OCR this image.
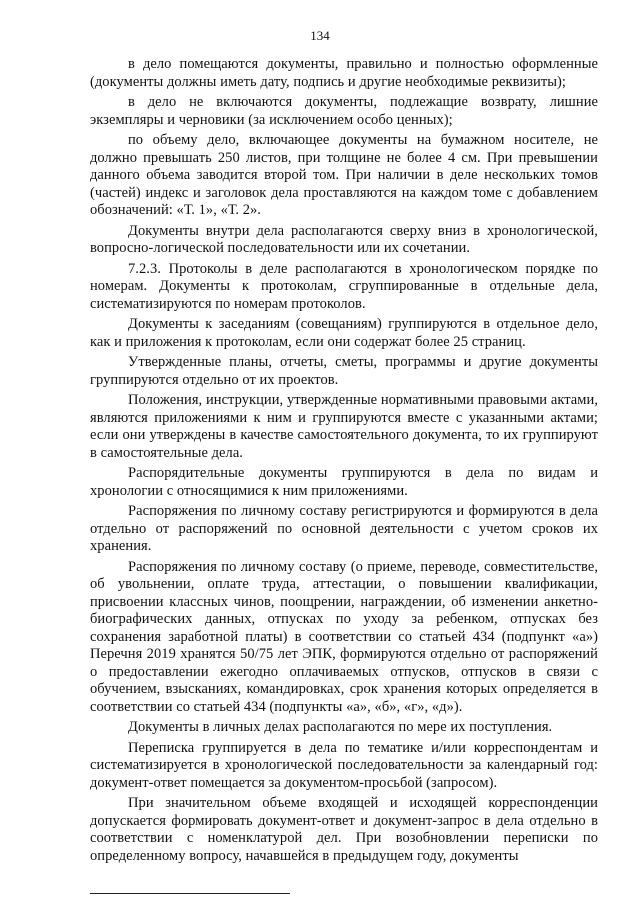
134

в дело помещаются документы, правильно и полностью оформленные (документы должны иметь дату, подпись и другие необходимые реквизиты);

в дело не включаются документы, подлежащие возврату, лишние экземпляры и черновики (за исключением особо ценных);

по объему дело, включающее документы на бумажном носителе, не должно превышать 250 листов, при толщине не более 4 см. При превышении данного объема заводится второй том. При наличии в деле нескольких томов (частей) индекс и заголовок дела проставляются на каждом томе с добавлением обозначений: «Т. 1», «Т. 2».

Документы внутри дела располагаются сверху вниз в хронологической, вопросно-логической последовательности или их сочетании.

7.2.3. Протоколы в деле располагаются в хронологическом порядке по номерам. Документы к протоколам, сгруппированные в отдельные дела, систематизируются по номерам протоколов.

Документы к заседаниям (совещаниям) группируются в отдельное дело, как и приложения к протоколам, если они содержат более 25 страниц.

Утвержденные планы, отчеты, сметы, программы и другие документы группируются отдельно от их проектов.

Положения, инструкции, утвержденные нормативными правовыми актами, являются приложениями к ним и группируются вместе с указанными актами; если они утверждены в качестве самостоятельного документа, то их группируют в самостоятельные дела.

Распорядительные документы группируются в дела по видам и хронологии с относящимися к ним приложениями.

Распоряжения по личному составу регистрируются и формируются в дела отдельно от распоряжений по основной деятельности с учетом сроков их хранения.

Распоряжения по личному составу (о приеме, переводе, совместительстве, об увольнении, оплате труда, аттестации, о повышении квалификации, присвоении классных чинов, поощрении, награждении, об изменении анкетно-биографических данных, отпусках по уходу за ребенком, отпусках без сохранения заработной платы) в соответствии со статьей 434 (подпункт «а») Перечня 2019 хранятся 50/75 лет ЭПК, формируются отдельно от распоряжений о предоставлении ежегодно оплачиваемых отпусков, отпусков в связи с обучением, взысканиях, командировках, срок хранения которых определяется в соответствии со статьей 434 (подпункты «а», «б», «г», «д»).

Документы в личных делах располагаются по мере их поступления.

Переписка группируется в дела по тематике и/или корреспондентам и систематизируется в хронологической последовательности за календарный год: документ-ответ помещается за документом-просьбой (запросом).

При значительном объеме входящей и исходящей корреспонденции допускается формировать документ-ответ и документ-запрос в дела отдельно в соответствии с номенклатурой дел. При возобновлении переписки по определенному вопросу, начавшейся в предыдущем году, документы
